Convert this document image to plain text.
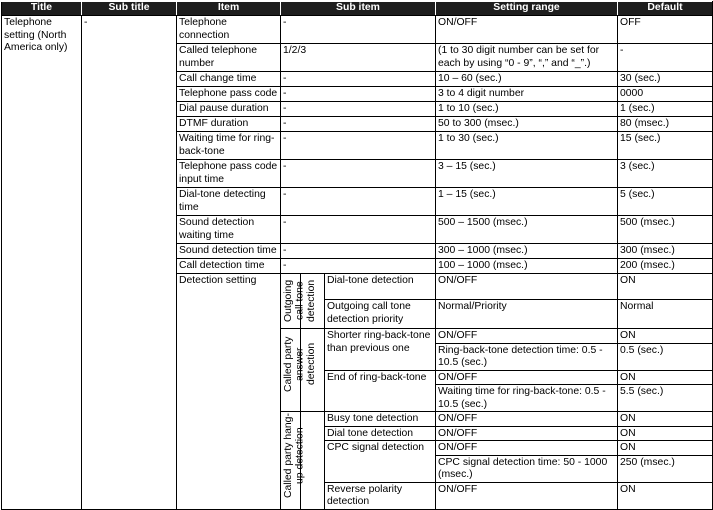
Title	Sub title	Item	Sub item			Setting range	Default
Telephone setting (North America only)	-	Telephone connection	-			ON/OFF	OFF
		Called telephone number	1/2/3			(1 to 30 digit number can be set for each by using “0 - 9”, “,” and “_”.)	-
		Call change time	-			10 – 60 (sec.)	30 (sec.)
		Telephone pass code	-			3 to 4 digit number	0000
		Dial pause duration	-			1 to 10 (sec.)	1 (sec.)
		DTMF duration	-			50 to 300 (msec.)	80 (msec.)
		Waiting time for ring-back-tone	-			1 to 30 (sec.)	15 (sec.)
		Telephone pass code input time	-			3 – 15 (sec.)	3 (sec.)
		Dial-tone detecting time	-			1 – 15 (sec.)	5 (sec.)
		Sound detection waiting time	-			500 – 1500 (msec.)	500 (msec.)
		Sound detection time	-			300 – 1000 (msec.)	300 (msec.)
		Call detection time	-			100 – 1000 (msec.)	200 (msec.)
		Detection setting	Outgoing call tone detection		Dial-tone detection	ON/OFF	ON
					Outgoing call tone detection priority	Normal/Priority	Normal

			Called party answer detection		Shorter ring-back-tone than previous one	ON/OFF	ON
						Ring-back-tone detection time: 0.5 - 10.5 (sec.)	0.5 (sec.)
					End of ring-back-tone	ON/OFF	ON
						Waiting time for ring-back-tone: 0.5 - 10.5 (sec.)	5.5 (sec.)

			Called party hang-up detection		Busy tone detection	ON/OFF	ON
					Dial tone detection	ON/OFF	ON
					CPC signal detection	ON/OFF	ON
						CPC signal detection time: 50 - 1000 (msec.)	250 (msec.)
					Reverse polarity detection	ON/OFF	ON
